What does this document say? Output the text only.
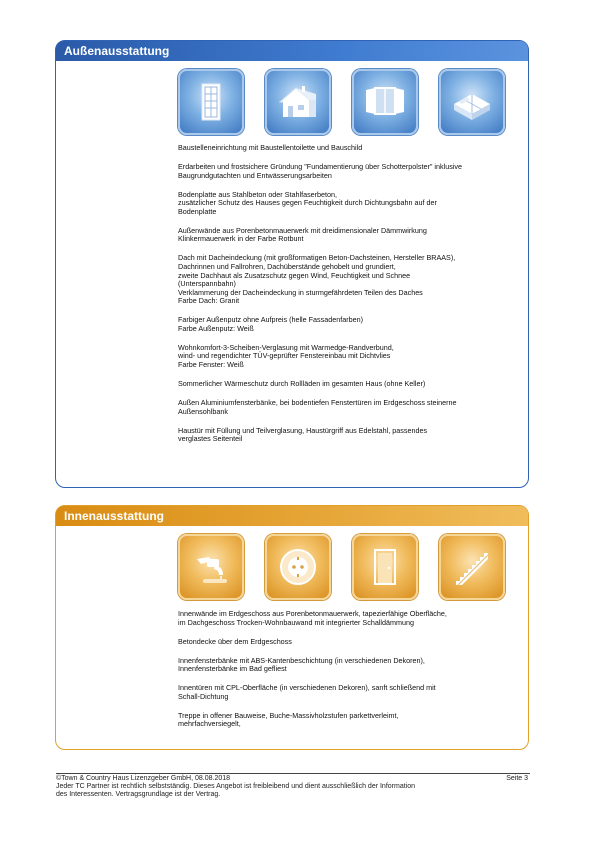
Außenausstattung
Baustelleneinrichtung mit Baustellentoilette und Bauschild
Erdarbeiten und frostsichere Gründung "Fundamentierung über Schotterpolster" inklusive
Baugrundgutachten und Entwässerungsarbeiten
Bodenplatte aus Stahlbeton oder Stahlfaserbeton,
zusätzlicher Schutz des Hauses gegen Feuchtigkeit durch Dichtungsbahn auf der
Bodenplatte
Außenwände aus Porenbetonmauerwerk mit dreidimensionaler Dämmwirkung
Klinkermauerwerk in der Farbe Rotbunt
Dach mit Dacheindeckung (mit großformatigen Beton-Dachsteinen, Hersteller BRAAS),
Dachrinnen und Fallrohren, Dachüberstände gehobelt und grundiert,
zweite Dachhaut als Zusatzschutz gegen Wind, Feuchtigkeit und Schnee
(Unterspannbahn)
Verklammerung der Dacheindeckung in sturmgefährdeten Teilen des Daches
Farbe Dach: Granit
Farbiger Außenputz ohne Aufpreis (helle Fassadenfarben)
Farbe Außenputz: Weiß
Wohnkomfort-3-Scheiben-Verglasung mit Warmedge-Randverbund,
wind- und regendichter TÜV-geprüfter Fenstereinbau mit Dichtvlies
Farbe Fenster: Weiß
Sommerlicher Wärmeschutz durch Rollläden im gesamten Haus (ohne Keller)
Außen Aluminiumfensterbänke, bei bodentiefen Fenstertüren im Erdgeschoss steinerne
Außensohlbank
Haustür mit Füllung und Teilverglasung, Haustürgriff aus Edelstahl, passendes
verglastes Seitenteil
Innenausstattung
Innenwände im Erdgeschoss aus Porenbetonmauerwerk, tapezierfähige Oberfläche,
im Dachgeschoss Trocken-Wohnbauwand mit integrierter Schalldämmung
Betondecke über dem Erdgeschoss
Innenfensterbänke mit ABS-Kantenbeschichtung (in verschiedenen Dekoren),
Innenfensterbänke im Bad gefliest
Innentüren mit CPL-Oberfläche (in verschiedenen Dekoren), sanft schließend mit
Schall-Dichtung
Treppe in offener Bauweise, Buche-Massivholzstufen parkettverleimt,
mehrfachversiegelt,
©Town & Country Haus Lizenzgeber GmbH, 08.08.2018
Jeder TC Partner ist rechtlich selbstständig. Dieses Angebot ist freibleibend und dient ausschließlich der Information
des Interessenten. Vertragsgrundlage ist der Vertrag.
Seite 3
